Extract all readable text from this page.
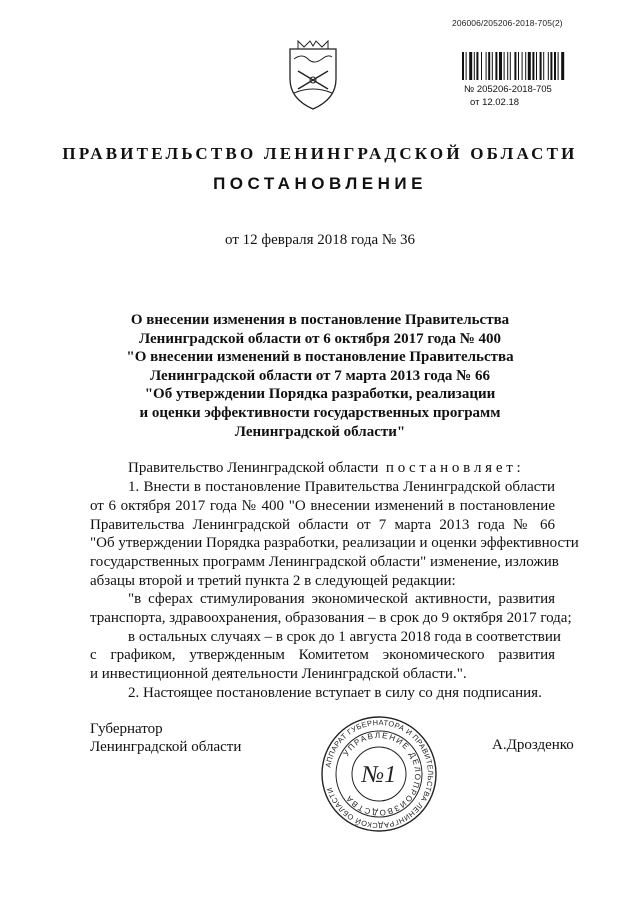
206006/205206-2018-705(2)
№ 205206-2018-705
от 12.02.18
ПРАВИТЕЛЬСТВО ЛЕНИНГРАДСКОЙ ОБЛАСТИ
ПОСТАНОВЛЕНИЕ
от 12 февраля 2018 года № 36
О внесении изменения в постановление Правительства
Ленинградской области от 6 октября 2017 года № 400
"О внесении изменений в постановление Правительства
Ленинградской области от 7 марта 2013 года № 66
"Об утверждении Порядка разработки, реализации
и оценки эффективности государственных программ
Ленинградской области"
Правительство Ленинградской области  п о с т а н о в л я е т :
1. Внести в постановление Правительства Ленинградской области
от 6 октября 2017 года № 400 "О внесении изменений в постановление
Правительства Ленинградской области от 7 марта 2013 года № 66
"Об утверждении Порядка разработки, реализации и оценки эффективности
государственных программ Ленинградской области" изменение, изложив
абзацы второй и третий пункта 2 в следующей редакции:
"в сферах стимулирования экономической активности, развития
транспорта, здравоохранения, образования – в срок до 9 октября 2017 года;
в остальных случаях – в срок до 1 августа 2018 года в соответствии
с графиком, утвержденным Комитетом экономического развития
и инвестиционной деятельности Ленинградской области.".
2. Настоящее постановление вступает в силу со дня подписания.
Губернатор
Ленинградской области	А.Дрозденко
АППАРАТ ГУБЕРНАТОРА И ПРАВИТЕЛЬСТВА ЛЕНИНГРАДСКОЙ ОБЛАСТИ
УПРАВЛЕНИЕ ДЕЛОПРОИЗВОДСТВА
№1
